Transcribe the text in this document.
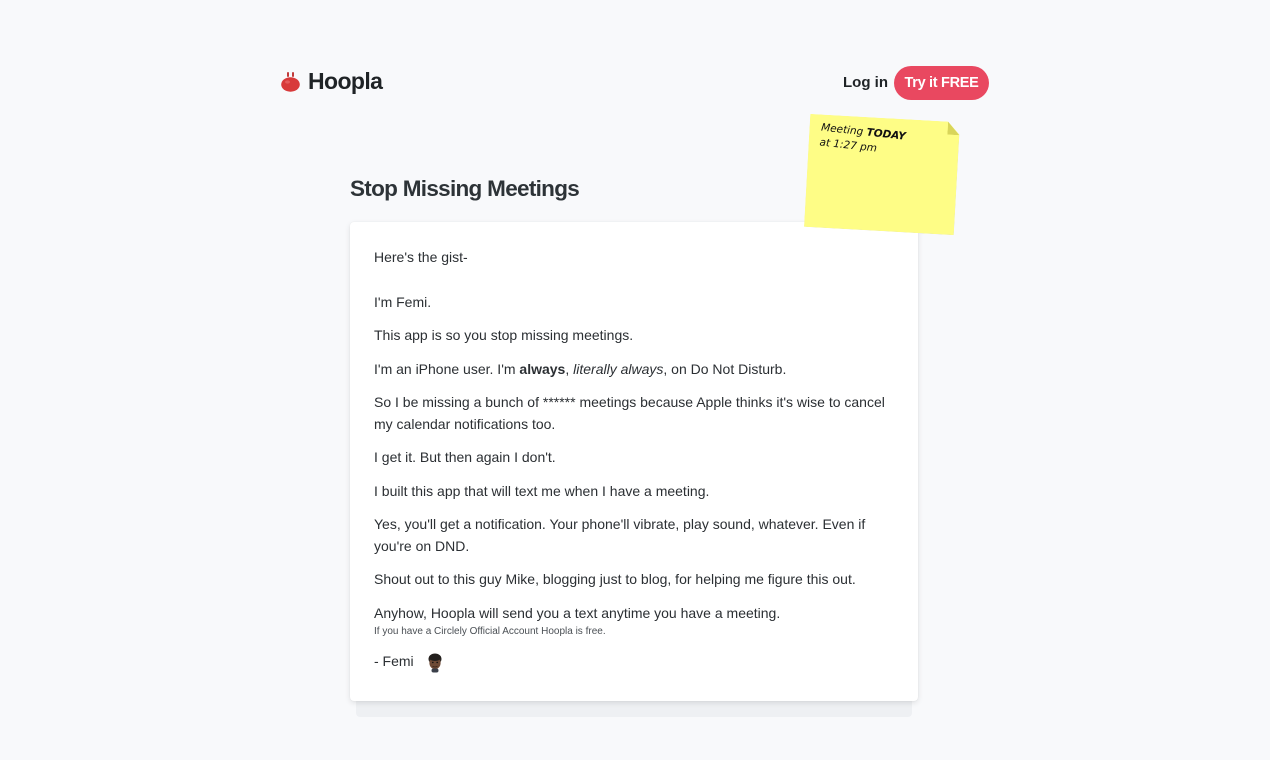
Hoopla	Log in	Try it FREE
Stop Missing Meetings

Here's the gist-

I'm Femi.

This app is so you stop missing meetings.

I'm an iPhone user. I'm always, literally always, on Do Not Disturb.

So I be missing a bunch of ****** meetings because Apple thinks it's wise to cancel my calendar notifications too.

I get it. But then again I don't.

I built this app that will text me when I have a meeting.

Yes, you'll get a notification. Your phone'll vibrate, play sound, whatever. Even if you're on DND.

Shout out to this guy Mike, blogging just to blog, for helping me figure this out.

Anyhow, Hoopla will send you a text anytime you have a meeting.

If you have a Circlely Official Account Hoopla is free.

- Femi
Meeting TODAY
at 1:27 pm
